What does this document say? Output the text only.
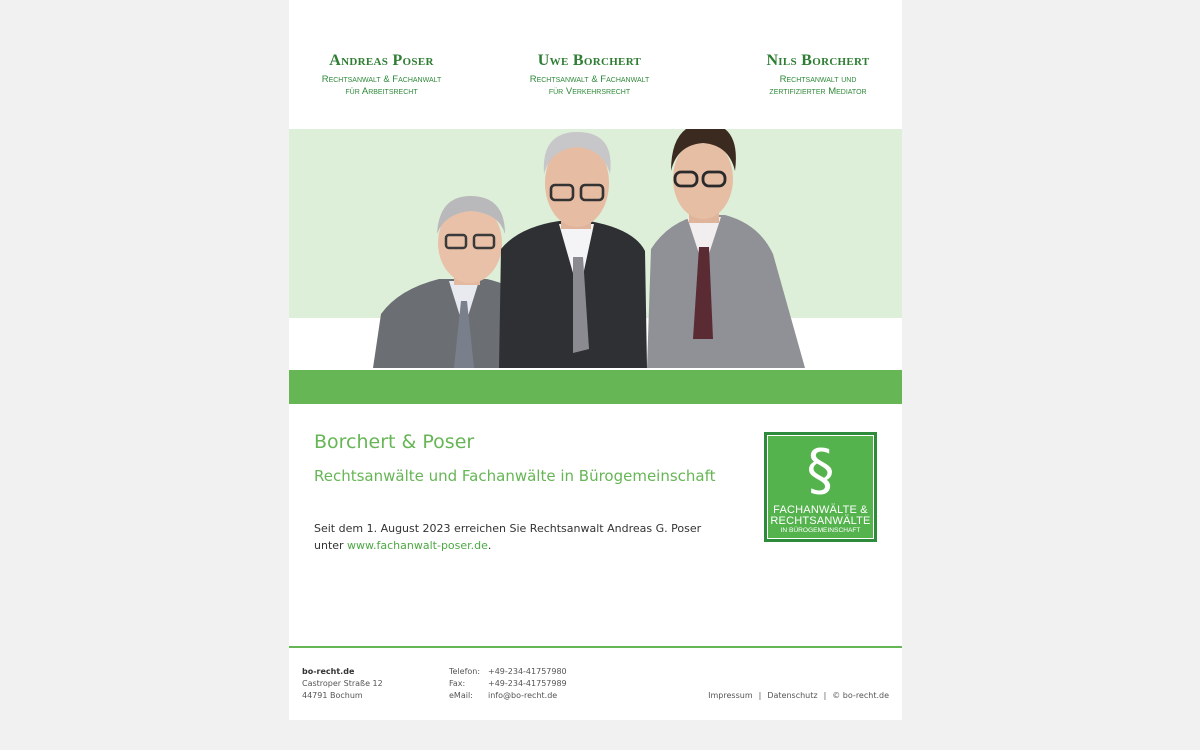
Andreas Poser
Rechtsanwalt & Fachanwalt
für Arbeitsrecht
Uwe Borchert
Rechtsanwalt & Fachanwalt
für Verkehrsrecht
Nils Borchert
Rechtsanwalt und
zertifizierter Mediator
Borchert & Poser
Rechtsanwälte und Fachanwälte in Bürogemeinschaft
Seit dem 1. August 2023 erreichen Sie Rechtsanwalt Andreas G. Poser
unter www.fachanwalt-poser.de.
§
FACHANWÄLTE &
RECHTSANWÄLTE
IN BÜROGEMEINSCHAFT
bo-recht.de
Castroper Straße 12
44791 Bochum
Telefon:
Fax:
eMail:
+49-234-41757980
+49-234-41757989
info@bo-recht.de	Impressum | Datenschutz | © bo-recht.de
